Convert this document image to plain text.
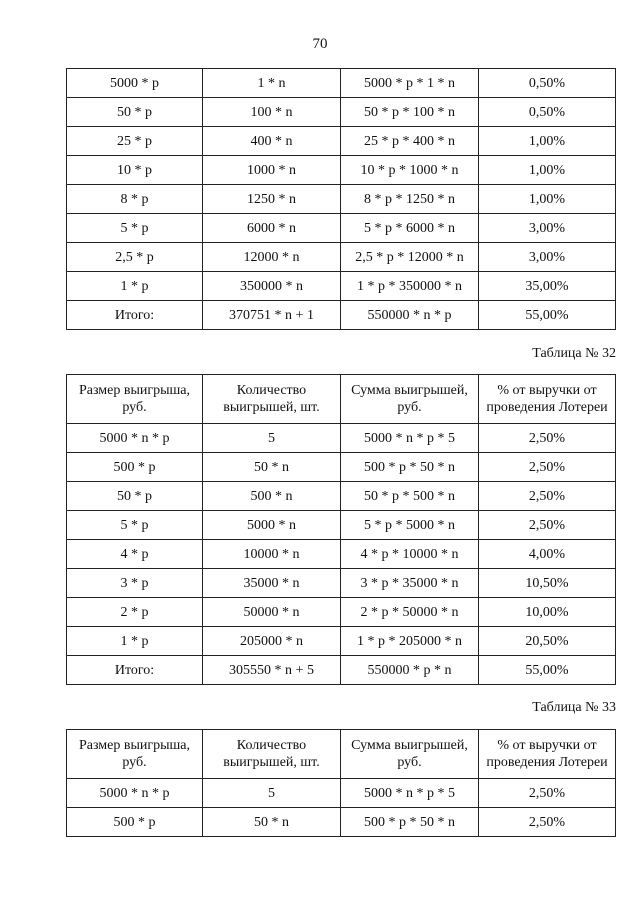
70
5000 * p	1 * n	5000 * p * 1 * n	0,50%
50 * p	100 * n	50 * p * 100 * n	0,50%
25 * p	400 * n	25 * p * 400 * n	1,00%
10 * p	1000 * n	10 * p * 1000 * n	1,00%
8 * p	1250 * n	8 * p * 1250 * n	1,00%
5 * p	6000 * n	5 * p * 6000 * n	3,00%
2,5 * p	12000 * n	2,5 * p * 12000 * n	3,00%
1 * p	350000 * n	1 * p * 350000 * n	35,00%
Итого:	370751 * n + 1	550000 * n * p	55,00%
Таблица № 32
Размер выигрыша, руб.	Количество выигрышей, шт.	Сумма выигрышей, руб.	% от выручки от проведения Лотереи
5000 * n * p	5	5000 * n * p * 5	2,50%
500 * p	50 * n	500 * p * 50 * n	2,50%
50 * p	500 * n	50 * p * 500 * n	2,50%
5 * p	5000 * n	5 * p * 5000 * n	2,50%
4 * p	10000 * n	4 * p * 10000 * n	4,00%
3 * p	35000 * n	3 * p * 35000 * n	10,50%
2 * p	50000 * n	2 * p * 50000 * n	10,00%
1 * p	205000 * n	1 * p * 205000 * n	20,50%
Итого:	305550 * n + 5	550000 * p * n	55,00%
Таблица № 33
Размер выигрыша, руб.	Количество выигрышей, шт.	Сумма выигрышей, руб.	% от выручки от проведения Лотереи
5000 * n * p	5	5000 * n * p * 5	2,50%
500 * p	50 * n	500 * p * 50 * n	2,50%
